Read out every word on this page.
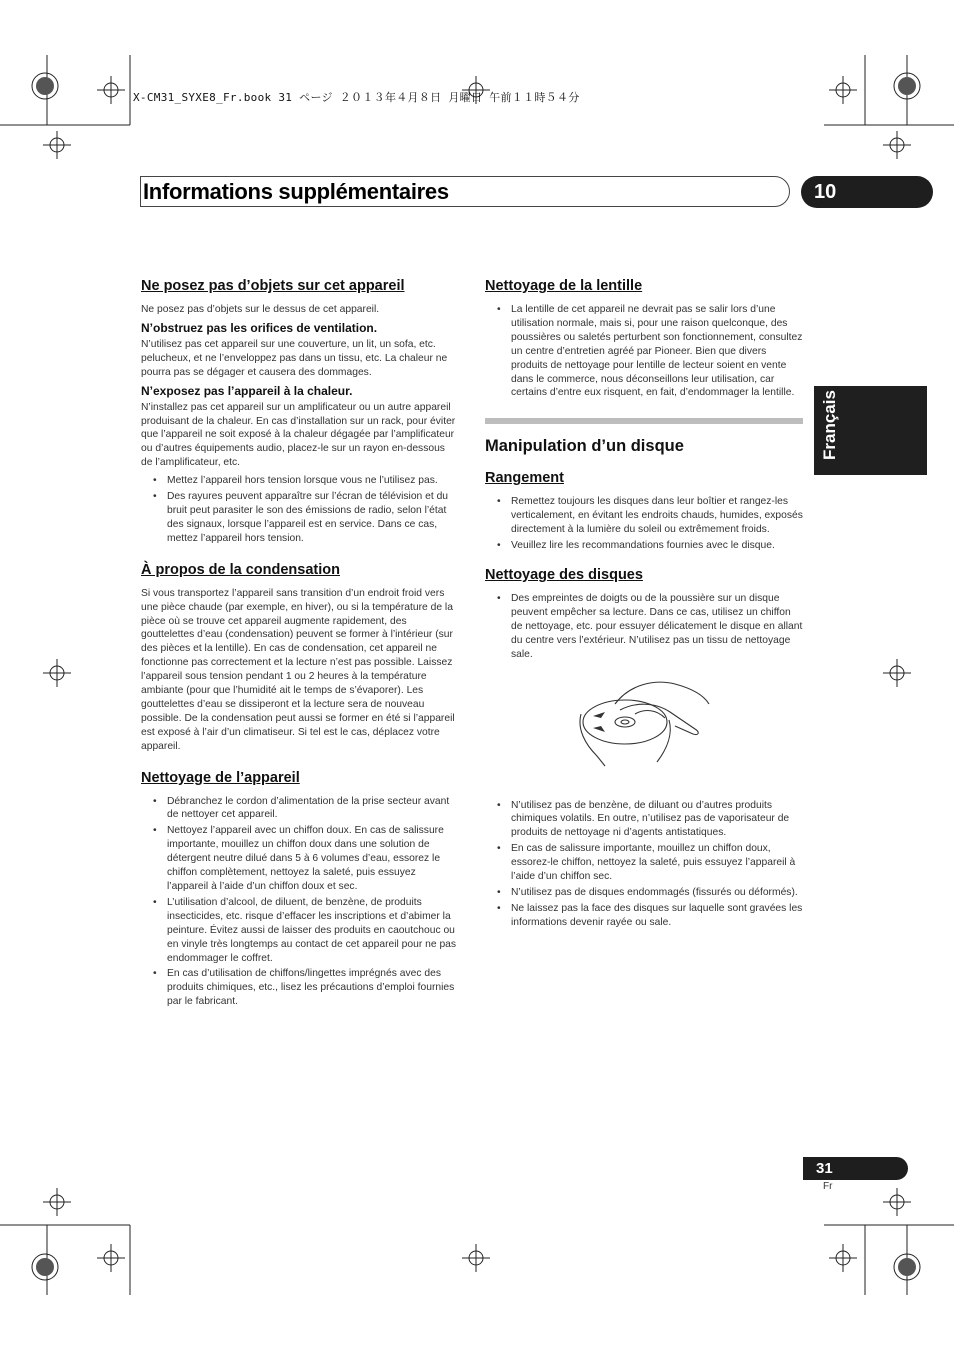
X-CM31_SYXE8_Fr.book 31 ページ ２０１３年４月８日 月曜日 午前１１時５４分
Informations supplémentaires	10
Français
31
Fr
Ne posez pas d’objets sur cet appareil
Ne posez pas d’objets sur le dessus de cet appareil.
N’obstruez pas les orifices de ventilation.
N’utilisez pas cet appareil sur une couverture, un lit, un sofa, etc. pelucheux, et ne l’enveloppez pas dans un tissu, etc. La chaleur ne pourra pas se dégager et causera des dommages.
N’exposez pas l’appareil à la chaleur.
N’installez pas cet appareil sur un amplificateur ou un autre appareil produisant de la chaleur. En cas d’installation sur un rack, pour éviter que l’appareil ne soit exposé à la chaleur dégagée par l’amplificateur ou d’autres équipements audio, placez-le sur un rayon en-dessous de l’amplificateur, etc.
• Mettez l’appareil hors tension lorsque vous ne l’utilisez pas.
• Des rayures peuvent apparaître sur l’écran de télévision et du bruit peut parasiter le son des émissions de radio, selon l’état des signaux, lorsque l’appareil est en service. Dans ce cas, mettez l’appareil hors tension.
À propos de la condensation
Si vous transportez l’appareil sans transition d’un endroit froid vers une pièce chaude (par exemple, en hiver), ou si la température de la pièce où se trouve cet appareil augmente rapidement, des gouttelettes d’eau (condensation) peuvent se former à l’intérieur (sur des pièces et la lentille). En cas de condensation, cet appareil ne fonctionne pas correctement et la lecture n’est pas possible. Laissez l’appareil sous tension pendant 1 ou 2 heures à la température ambiante (pour que l’humidité ait le temps de s’évaporer). Les gouttelettes d’eau se dissiperont et la lecture sera de nouveau possible. De la condensation peut aussi se former en été si l’appareil est exposé à l’air d’un climatiseur. Si tel est le cas, déplacez votre appareil.
Nettoyage de l’appareil
• Débranchez le cordon d’alimentation de la prise secteur avant de nettoyer cet appareil.
• Nettoyez l’appareil avec un chiffon doux. En cas de salissure importante, mouillez un chiffon doux dans une solution de détergent neutre dilué dans 5 à 6 volumes d’eau, essorez le chiffon complètement, nettoyez la saleté, puis essuyez l’appareil à l’aide d’un chiffon doux et sec.
• L’utilisation d’alcool, de diluent, de benzène, de produits insecticides, etc. risque d’effacer les inscriptions et d’abimer la peinture. Évitez aussi de laisser des produits en caoutchouc ou en vinyle très longtemps au contact de cet appareil pour ne pas endommager le coffret.
• En cas d’utilisation de chiffons/lingettes imprégnés avec des produits chimiques, etc., lisez les précautions d’emploi fournies par le fabricant.
Nettoyage de la lentille
• La lentille de cet appareil ne devrait pas se salir lors d’une utilisation normale, mais si, pour une raison quelconque, des poussières ou saletés perturbent son fonctionnement, consultez un centre d’entretien agréé par Pioneer. Bien que divers produits de nettoyage pour lentille de lecteur soient en vente dans le commerce, nous déconseillons leur utilisation, car certains d’entre eux risquent, en fait, d’endommager la lentille.
Manipulation d’un disque
Rangement
• Remettez toujours les disques dans leur boîtier et rangez-les verticalement, en évitant les endroits chauds, humides, exposés directement à la lumière du soleil ou extrêmement froids.
• Veuillez lire les recommandations fournies avec le disque.
Nettoyage des disques
• Des empreintes de doigts ou de la poussière sur un disque peuvent empêcher sa lecture. Dans ce cas, utilisez un chiffon de nettoyage, etc. pour essuyer délicatement le disque en allant du centre vers l’extérieur. N’utilisez pas un tissu de nettoyage sale.
• N’utilisez pas de benzène, de diluant ou d’autres produits chimiques volatils. En outre, n’utilisez pas de vaporisateur de produits de nettoyage ni d’agents antistatiques.
• En cas de salissure importante, mouillez un chiffon doux, essorez-le chiffon, nettoyez la saleté, puis essuyez l’appareil à l’aide d’un chiffon sec.
• N’utilisez pas de disques endommagés (fissurés ou déformés).
• Ne laissez pas la face des disques sur laquelle sont gravées les informations devenir rayée ou sale.
